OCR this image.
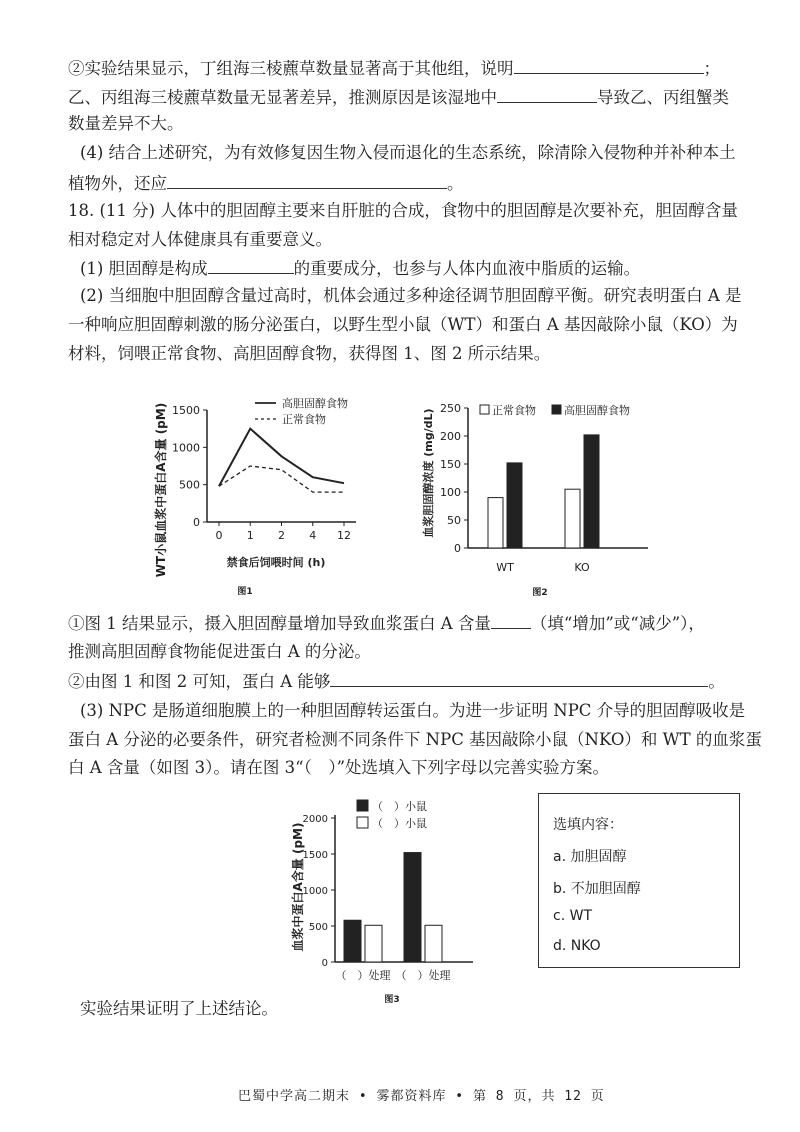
②实验结果显示，丁组海三棱藨草数量显著高于其他组，说明	；
乙、丙组海三棱藨草数量无显著差异，推测原因是该湿地中	导致乙、丙组蟹类
数量差异不大。
(4) 结合上述研究，为有效修复因生物入侵而退化的生态系统，除清除入侵物种并补种本土
植物外，还应	。
18. (11 分) 人体中的胆固醇主要来自肝脏的合成，食物中的胆固醇是次要补充，胆固醇含量
相对稳定对人体健康具有重要意义。
(1) 胆固醇是构成	的重要成分，也参与人体内血液中脂质的运输。
(2) 当细胞中胆固醇含量过高时，机体会通过多种途径调节胆固醇平衡。研究表明蛋白 A 是
一种响应胆固醇刺激的肠分泌蛋白，以野生型小鼠（WT）和蛋白 A 基因敲除小鼠（KO）为
材料，饲喂正常食物、高胆固醇食物，获得图 1、图 2 所示结果。
WT小鼠血浆中蛋白A含量 (pM) 0
500
1000
1500
0 1 2 4 12
高胆固醇食物
正常食物
禁食后饲喂时间 (h)
图1
血浆胆固醇浓度 (mg/dL)
0
50
100
150
200
250
WT	KO
正常食物	高胆固醇食物
图2
①图 1 结果显示，摄入胆固醇量增加导致血浆蛋白 A 含量 （填“增加”或“减少”），
推测高胆固醇食物能促进蛋白 A 的分泌。
②由图 1 和图 2 可知，蛋白 A 能够	。
(3) NPC 是肠道细胞膜上的一种胆固醇转运蛋白。为进一步证明 NPC 介导的胆固醇吸收是
蛋白 A 分泌的必要条件，研究者检测不同条件下 NPC 基因敲除小鼠（NKO）和 WT 的血浆蛋
白 A 含量（如图 3）。请在图 3“（　）”处选填入下列字母以完善实验方案。
血浆中蛋白A含量 (pM)
0
500
1000
1500
2000
（　）处理 （　）处理
（　）小鼠
（　）小鼠
图3
选填内容：
a. 加胆固醇
b. 不加胆固醇
c. WT
d. NKO
实验结果证明了上述结论。
巴蜀中学高二期末 • 雾都资料库 • 第 8 页，共 12 页
